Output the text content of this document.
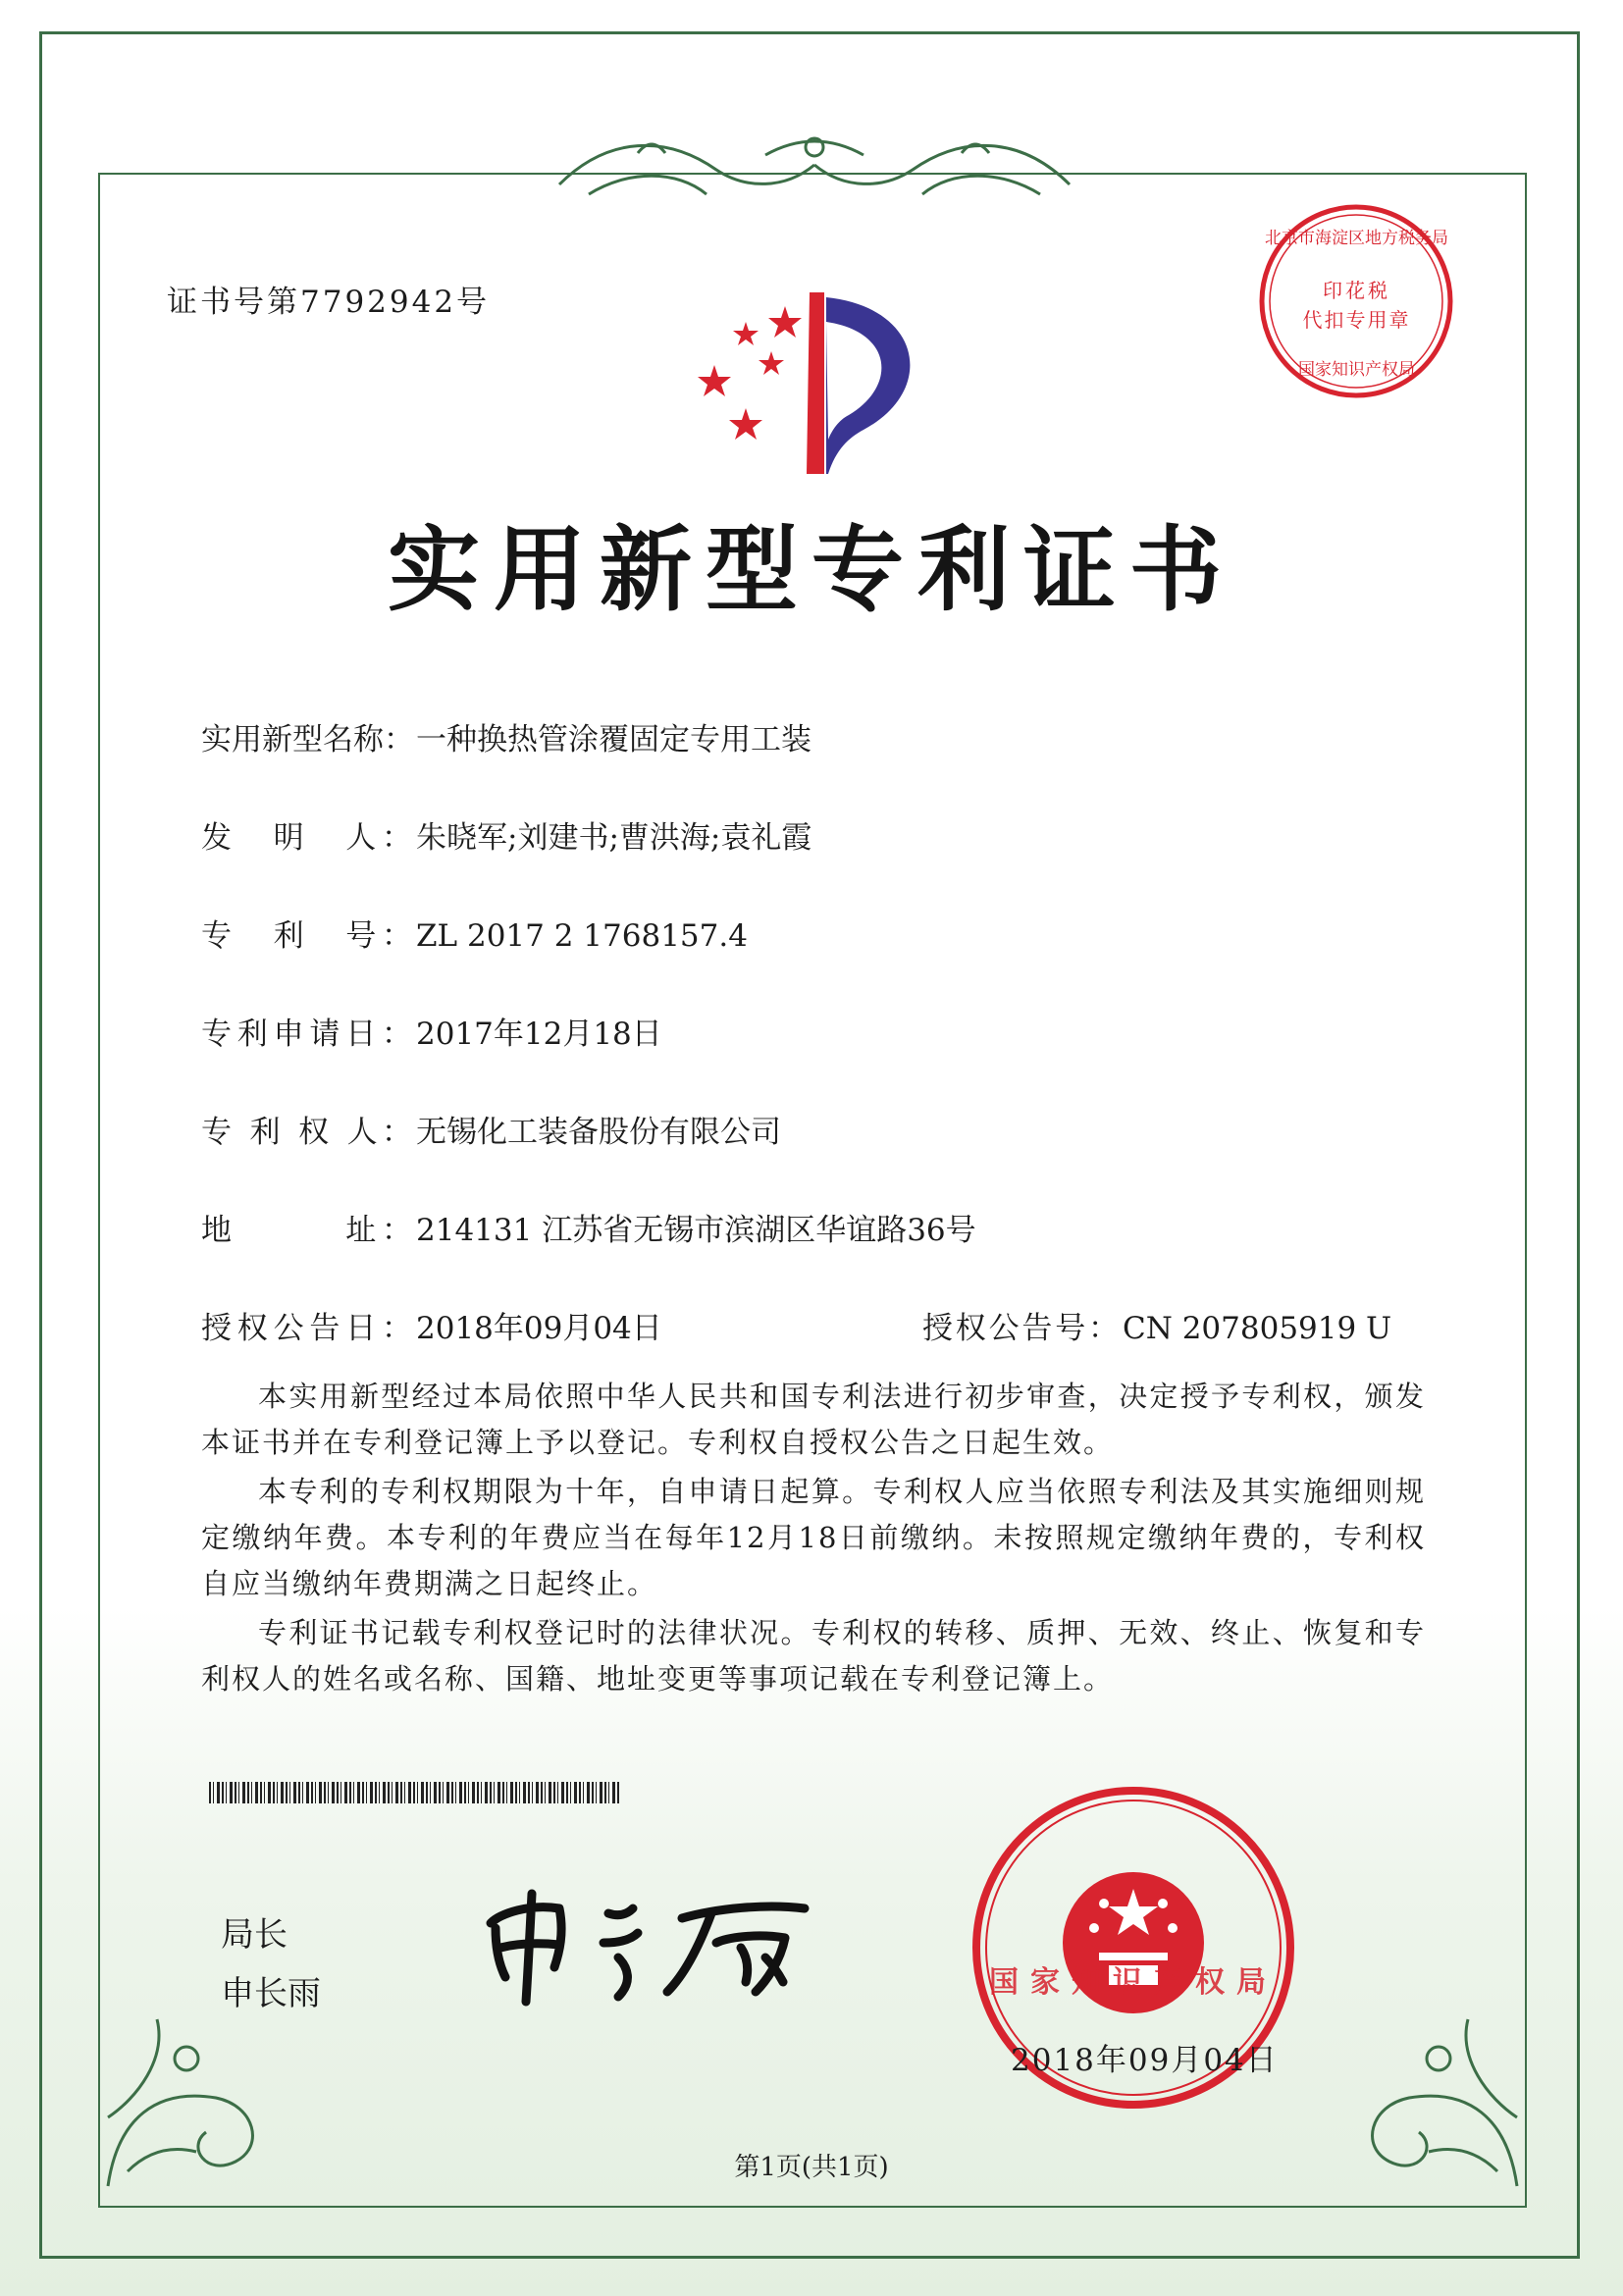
证书号第7792942号
北京市海淀区地方税务局
印花税
代扣专用章
国家知识产权局
实用新型专利证书
实用新型名称：一种换热管涂覆固定专用工装
发　明　人： 朱晓军;刘建书;曹洪海;袁礼霞
专　利　号： ZL 2017 2 1768157.4
专利申请日： 2017年12月18日
专 利 权 人： 无锡化工装备股份有限公司
地　　　址： 214131 江苏省无锡市滨湖区华谊路36号
授权公告日： 2018年09月04日	授权公告号： CN 207805919 U
本实用新型经过本局依照中华人民共和国专利法进行初步审查，决定授予专利权，颁发本证书并在专利登记簿上予以登记。专利权自授权公告之日起生效。
本专利的专利权期限为十年，自申请日起算。专利权人应当依照专利法及其实施细则规定缴纳年费。本专利的年费应当在每年12月18日前缴纳。未按照规定缴纳年费的，专利权自应当缴纳年费期满之日起终止。
专利证书记载专利权登记时的法律状况。专利权的转移、质押、无效、终止、恢复和专利权人的姓名或名称、国籍、地址变更等事项记载在专利登记簿上。
局长
申长雨	国家知识产权局
2018年09月04日
第1页(共1页)
